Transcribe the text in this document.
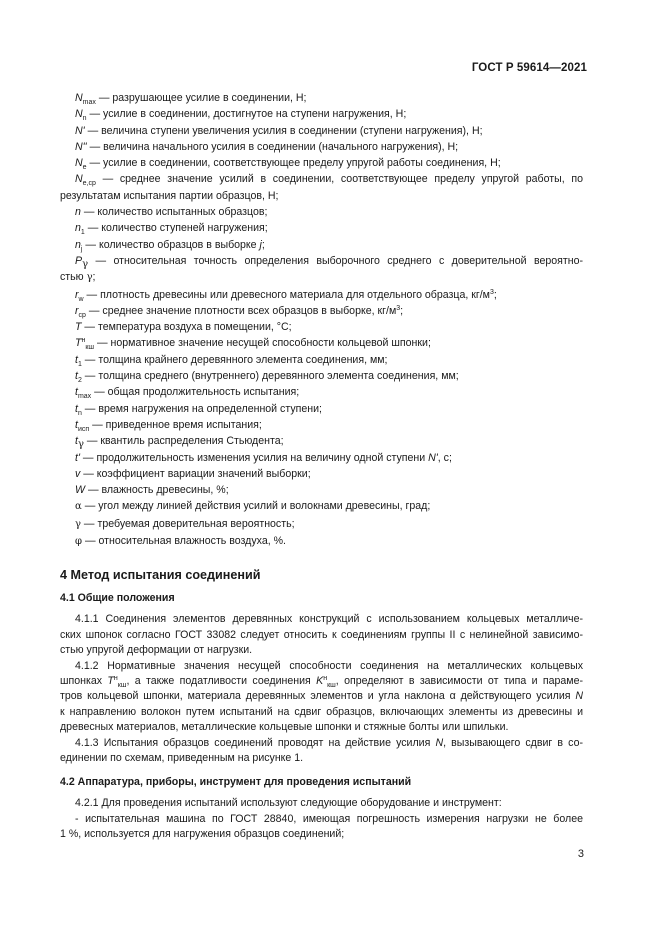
ГОСТ Р 59614—2021
$N_{max}$ — разрушающее усилие в соединении, Н;
$N_n$ — усилие в соединении, достигнутое на ступени нагружения, Н;
N' — величина ступени увеличения усилия в соединении (ступени нагружения), Н;
N'' — величина начального усилия в соединении (начального нагружения), Н;
$N_e$ — усилие в соединении, соответствующее пределу упругой работы соединения, Н;
$N_{e,cp}$ — среднее значение усилий в соединении, соответствующее пределу упругой работы, по
результатам испытания партии образцов, Н;
n — количество испытанных образцов;
$n_1$ — количество ступеней нагружения;
$n_j$ — количество образцов в выборке j;
Pγ — относительная точность определения выборочного среднего с доверительной вероятно-
стью γ;
$r_w$ — плотность древесины или древесного материала для отдельного образца, $кг/м^3$;
$r_{ср}$ — среднее значение плотности всех образцов в выборке, $кг/м^3$;
T — температура воздуха в помещении, °С;
$T^н_{кш}$ — нормативное значение несущей способности кольцевой шпонки;
$t_1$ — толщина крайнего деревянного элемента соединения, мм;
$t_2$ — толщина среднего (внутреннего) деревянного элемента соединения, мм;
$t_{max}$ — общая продолжительность испытания;
$t_n$ — время нагружения на определенной ступени;
$t_{исп}$ — приведенное время испытания;
tγ — квантиль распределения Стьюдента;
t' — продолжительность изменения усилия на величину одной ступени N', с;
v — коэффициент вариации значений выборки;
W — влажность древесины, %;
α — угол между линией действия усилий и волокнами древесины, град;
γ — требуемая доверительная вероятность;
φ — относительная влажность воздуха, %.
4 Метод испытания соединений
4.1 Общие положения

4.1.1 Соединения элементов деревянных конструкций с использованием кольцевых металличе-
ских шпонок согласно ГОСТ 33082 следует относить к соединениям группы II с нелинейной зависимо-
стью упругой деформации от нагрузки.

4.1.2 Нормативные значения несущей способности соединения на металлических кольцевых
шпонках $T^н_{кш}$, а также податливости соединения $K^н_{кш}$, определяют в зависимости от типа и параме-
тров кольцевой шпонки, материала деревянных элементов и угла наклона α действующего усилия N
к направлению волокон путем испытаний на сдвиг образцов, включающих элементы из древесины и
древесных материалов, металлические кольцевые шпонки и стяжные болты или шпильки.

4.1.3 Испытания образцов соединений проводят на действие усилия N, вызывающего сдвиг в со-
единении по схемам, приведенным на рисунке 1.

4.2 Аппаратура, приборы, инструмент для проведения испытаний

4.2.1 Для проведения испытаний используют следующие оборудование и инструмент:

- испытательная машина по ГОСТ 28840, имеющая погрешность измерения нагрузки не более
1 %, используется для нагружения образцов соединений;

3
